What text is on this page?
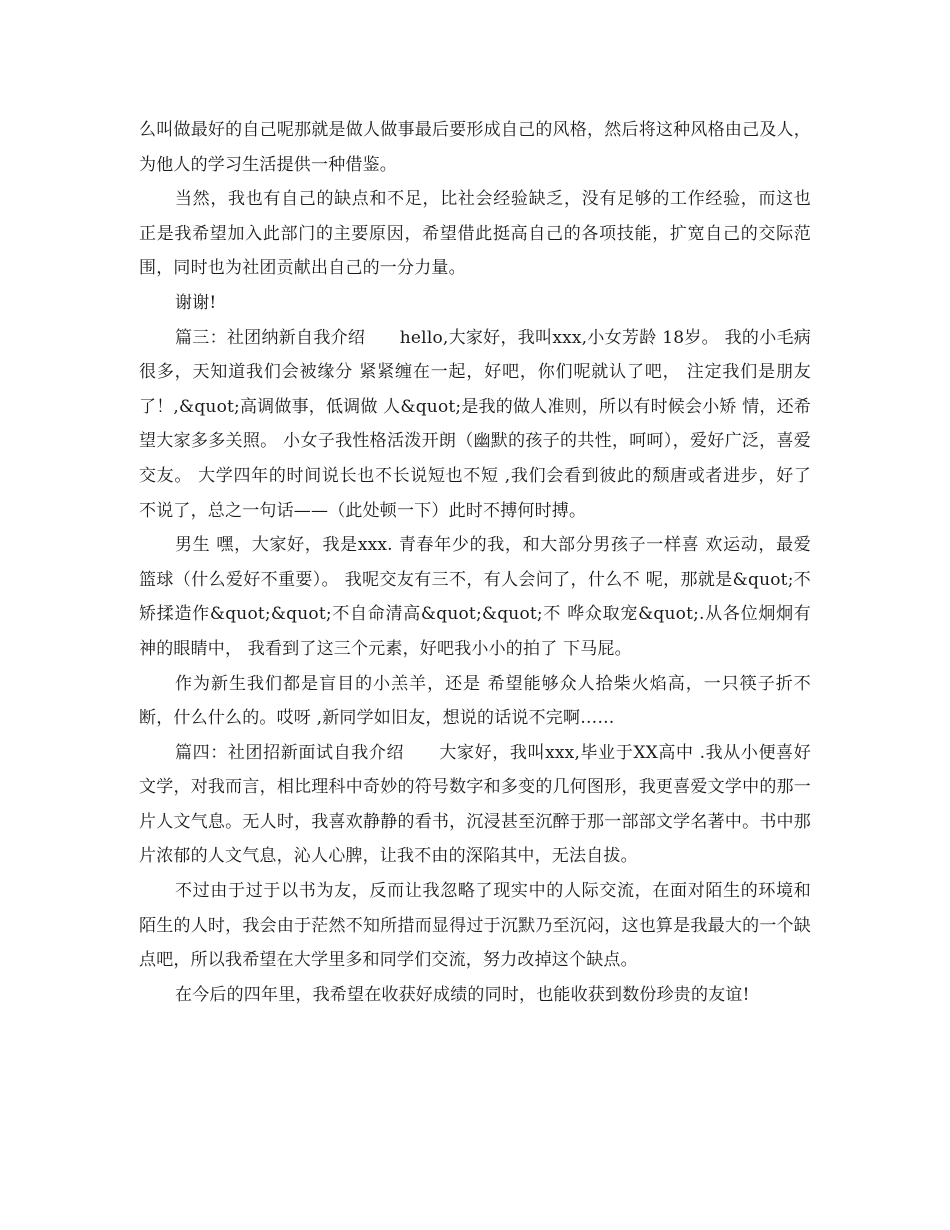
么叫做最好的自己呢那就是做人做事最后要形成自己的风格，然后将这种风格由己及人，为他人的学习生活提供一种借鉴。

当然，我也有自己的缺点和不足，比社会经验缺乏，没有足够的工作经验，而这也正是我希望加入此部门的主要原因，希望借此挺高自己的各项技能，扩宽自己的交际范围，同时也为社团贡献出自己的一分力量。

谢谢!

篇三：社团纳新自我介绍　　hello,大家好，我叫xxx,小女芳龄 18岁。 我的小毛病很多，天知道我们会被缘分 紧紧缠在一起，好吧，你们呢就认了吧， 注定我们是朋友了！,&quot;高调做事，低调做 人&quot;是我的做人准则，所以有时候会小矫 情，还希望大家多多关照。 小女子我性格活泼开朗（幽默的孩子的共性，呵呵），爱好广泛，喜爱交友。 大学四年的时间说长也不长说短也不短 ,我们会看到彼此的颓唐或者进步，好了 不说了，总之一句话——（此处顿一下）此时不搏何时搏。

男生 嘿，大家好，我是xxx. 青春年少的我，和大部分男孩子一样喜 欢运动，最爱篮球（什么爱好不重要）。 我呢交友有三不，有人会问了，什么不 呢，那就是&quot;不矫揉造作&quot;&quot;不自命清高&quot;&quot;不 哗众取宠&quot;.从各位炯炯有神的眼睛中， 我看到了这三个元素，好吧我小小的拍了 下马屁。

作为新生我们都是盲目的小羔羊，还是 希望能够众人拾柴火焰高，一只筷子折不 断，什么什么的。哎呀 ,新同学如旧友，想说的话说不完啊……

篇四：社团招新面试自我介绍　　大家好，我叫xxx,毕业于XX高中 .我从小便喜好文学，对我而言，相比理科中奇妙的符号数字和多变的几何图形，我更喜爱文学中的那一片人文气息。无人时，我喜欢静静的看书，沉浸甚至沉醉于那一部部文学名著中。书中那片浓郁的人文气息，沁人心脾，让我不由的深陷其中，无法自拔。

不过由于过于以书为友，反而让我忽略了现实中的人际交流，在面对陌生的环境和陌生的人时，我会由于茫然不知所措而显得过于沉默乃至沉闷，这也算是我最大的一个缺点吧，所以我希望在大学里多和同学们交流，努力改掉这个缺点。

在今后的四年里，我希望在收获好成绩的同时，也能收获到数份珍贵的友谊!
